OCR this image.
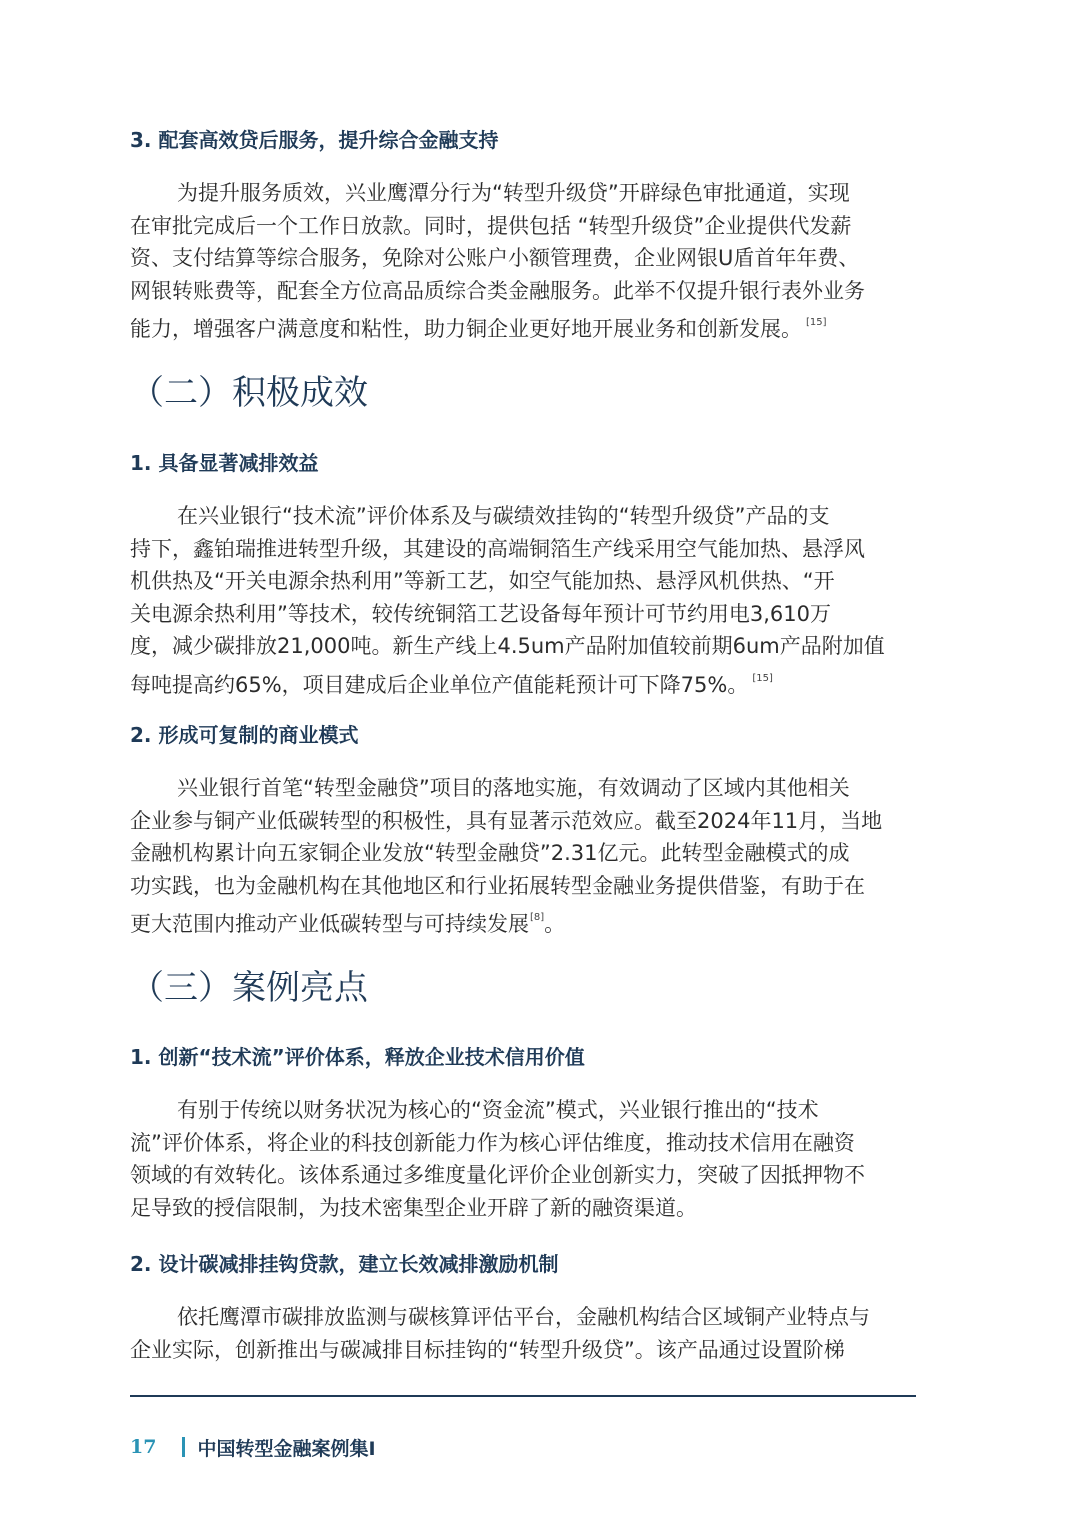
3. 配套高效贷后服务，提升综合金融支持
为提升服务质效，兴业鹰潭分行为“转型升级贷”开辟绿色审批通道，实现
在审批完成后一个工作日放款。同时，提供包括 “转型升级贷”企业提供代发薪
资、支付结算等综合服务，免除对公账户小额管理费，企业网银U盾首年年费、
网银转账费等，配套全方位高品质综合类金融服务。此举不仅提升银行表外业务
能力，增强客户满意度和粘性，助力铜企业更好地开展业务和创新发展。 [15]
（二）积极成效
1. 具备显著减排效益
在兴业银行“技术流”评价体系及与碳绩效挂钩的“转型升级贷”产品的支
持下，鑫铂瑞推进转型升级，其建设的高端铜箔生产线采用空气能加热、悬浮风
机供热及“开关电源余热利用”等新工艺，如空气能加热、悬浮风机供热、“开
关电源余热利用”等技术，较传统铜箔工艺设备每年预计可节约用电3,610万
度，减少碳排放21,000吨。新生产线上4.5um产品附加值较前期6um产品附加值
每吨提高约65%，项目建成后企业单位产值能耗预计可下降75%。 [15]
2. 形成可复制的商业模式
兴业银行首笔“转型金融贷”项目的落地实施，有效调动了区域内其他相关
企业参与铜产业低碳转型的积极性，具有显著示范效应。截至2024年11月，当地
金融机构累计向五家铜企业发放“转型金融贷”2.31亿元。此转型金融模式的成
功实践，也为金融机构在其他地区和行业拓展转型金融业务提供借鉴，有助于在
更大范围内推动产业低碳转型与可持续发展[8]。
（三）案例亮点
1. 创新“技术流”评价体系，释放企业技术信用价值
有别于传统以财务状况为核心的“资金流”模式，兴业银行推出的“技术
流”评价体系，将企业的科技创新能力作为核心评估维度，推动技术信用在融资
领域的有效转化。该体系通过多维度量化评价企业创新实力，突破了因抵押物不
足导致的授信限制，为技术密集型企业开辟了新的融资渠道。
2. 设计碳减排挂钩贷款，建立长效减排激励机制
依托鹰潭市碳排放监测与碳核算评估平台，金融机构结合区域铜产业特点与
企业实际，创新推出与碳减排目标挂钩的“转型升级贷”。该产品通过设置阶梯
17 中国转型金融案例集I
